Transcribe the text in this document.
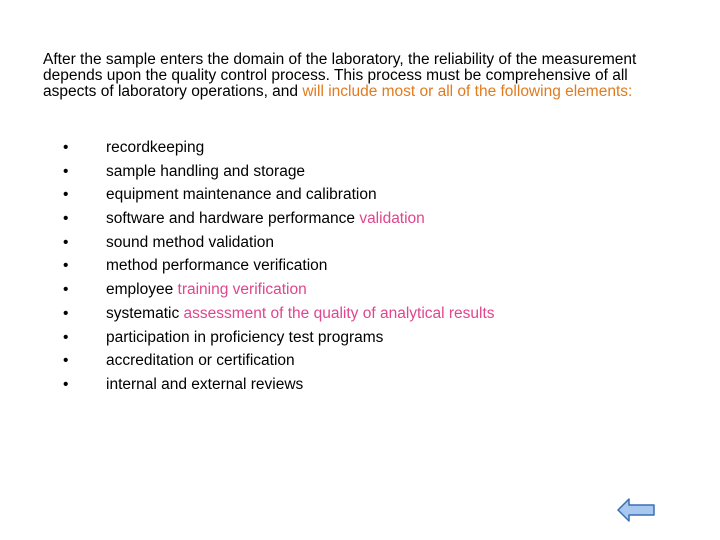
After the sample enters the domain of the laboratory, the reliability of the measurement depends upon the quality control process. This process must be comprehensive of all aspects of laboratory operations, and will include most or all of the following elements:

• recordkeeping
• sample handling and storage
• equipment maintenance and calibration
• software and hardware performance validation
• sound method validation
• method performance verification
• employee training verification
• systematic assessment of the quality of analytical results
• participation in proficiency test programs
• accreditation or certification
• internal and external reviews
